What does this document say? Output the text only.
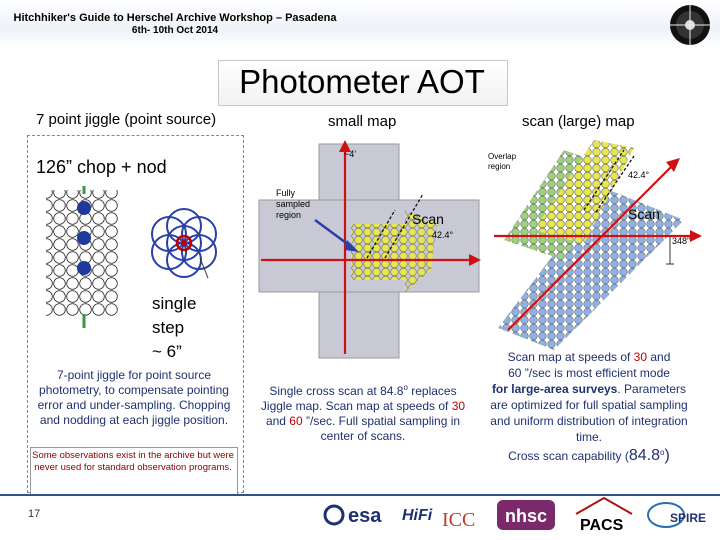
Hitchhiker's Guide to Herschel Archive Workshop – Pasadena
6th- 10th Oct 2014
Photometer AOT
7 point jiggle (point source)	small map	scan (large) map
126” chop + nod
single
step
~ 6”
7-point jiggle for point source photometry, to compensate pointing error and under-sampling. Chopping and nodding at each jiggle position.
Some observations exist in the archive but were never used for standard observation programs.
~4’
Fully
sampled
region	Scan
42.4°
Single cross scan at 84.8$^o$ replaces Jiggle map. Scan map at speeds of 30 and 60 ”/sec. Full spatial sampling in center of scans.
Overlap
region
42.4°
Scan
348”
Scan map at speeds of 30 and
60 ”/sec is most efficient mode
for large-area surveys. Parameters are optimized for full spatial sampling and uniform distribution of integration time.
Cross scan capability (84.8$^o$)
17	esa HiFi ICC nhsc PACS	SPIRE
